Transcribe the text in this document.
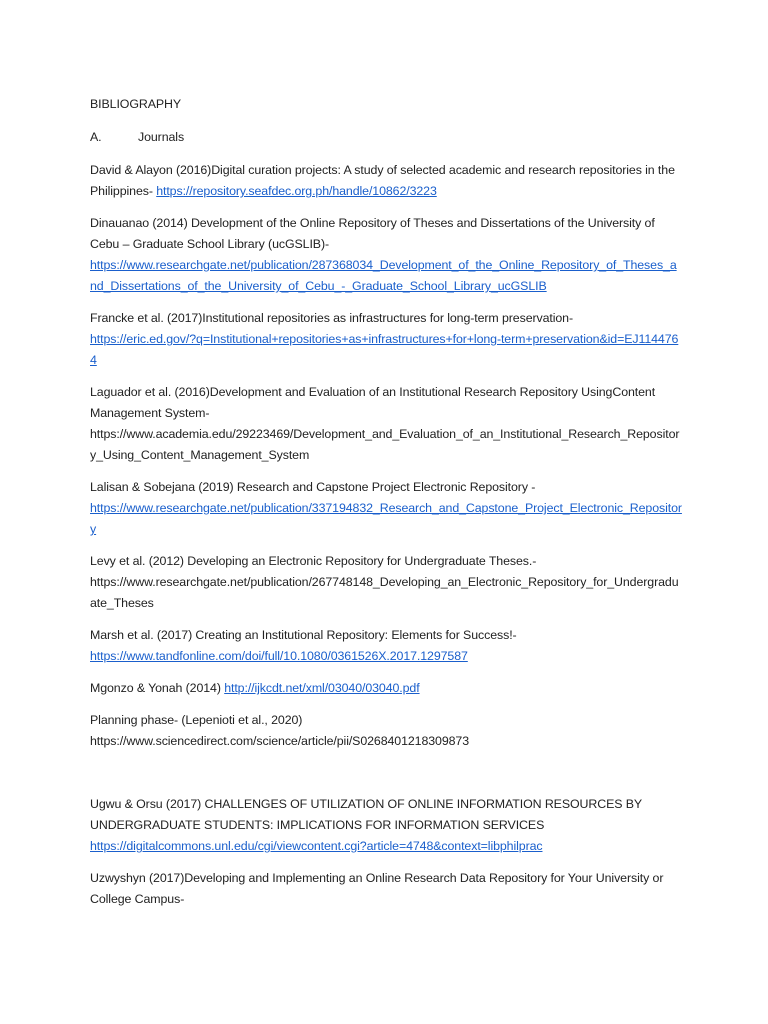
BIBLIOGRAPHY
A.	Journals
David & Alayon (2016)Digital curation projects: A study of selected academic and research repositories in the Philippines- https://repository.seafdec.org.ph/handle/10862/3223
Dinauanao (2014) Development of the Online Repository of Theses and Dissertations of the University of Cebu – Graduate School Library (ucGSLIB)-
https://www.researchgate.net/publication/287368034_Development_of_the_Online_Repository_of_Theses_and_Dissertations_of_the_University_of_Cebu_-_Graduate_School_Library_ucGSLIB
Francke et al. (2017)Institutional repositories as infrastructures for long-term preservation-
https://eric.ed.gov/?q=Institutional+repositories+as+infrastructures+for+long-term+preservation&id=EJ1144764
Laguador et al. (2016)Development and Evaluation of an Institutional Research Repository UsingContent Management System-
https://www.academia.edu/29223469/Development_and_Evaluation_of_an_Institutional_Research_Repository_Using_Content_Management_System
Lalisan & Sobejana (2019) Research and Capstone Project Electronic Repository -
https://www.researchgate.net/publication/337194832_Research_and_Capstone_Project_Electronic_Repository
Levy et al. (2012) Developing an Electronic Repository for Undergraduate Theses.-
https://www.researchgate.net/publication/267748148_Developing_an_Electronic_Repository_for_Undergraduate_Theses
Marsh et al. (2017) Creating an Institutional Repository: Elements for Success!-
https://www.tandfonline.com/doi/full/10.1080/0361526X.2017.1297587
Mgonzo & Yonah (2014) http://ijkcdt.net/xml/03040/03040.pdf
Planning phase- (Lepenioti et al., 2020)
https://www.sciencedirect.com/science/article/pii/S0268401218309873
Ugwu & Orsu (2017) CHALLENGES OF UTILIZATION OF ONLINE INFORMATION RESOURCES BY UNDERGRADUATE STUDENTS: IMPLICATIONS FOR INFORMATION SERVICES
https://digitalcommons.unl.edu/cgi/viewcontent.cgi?article=4748&context=libphilprac
Uzwyshyn (2017)Developing and Implementing an Online Research Data Repository for Your University or College Campus-
